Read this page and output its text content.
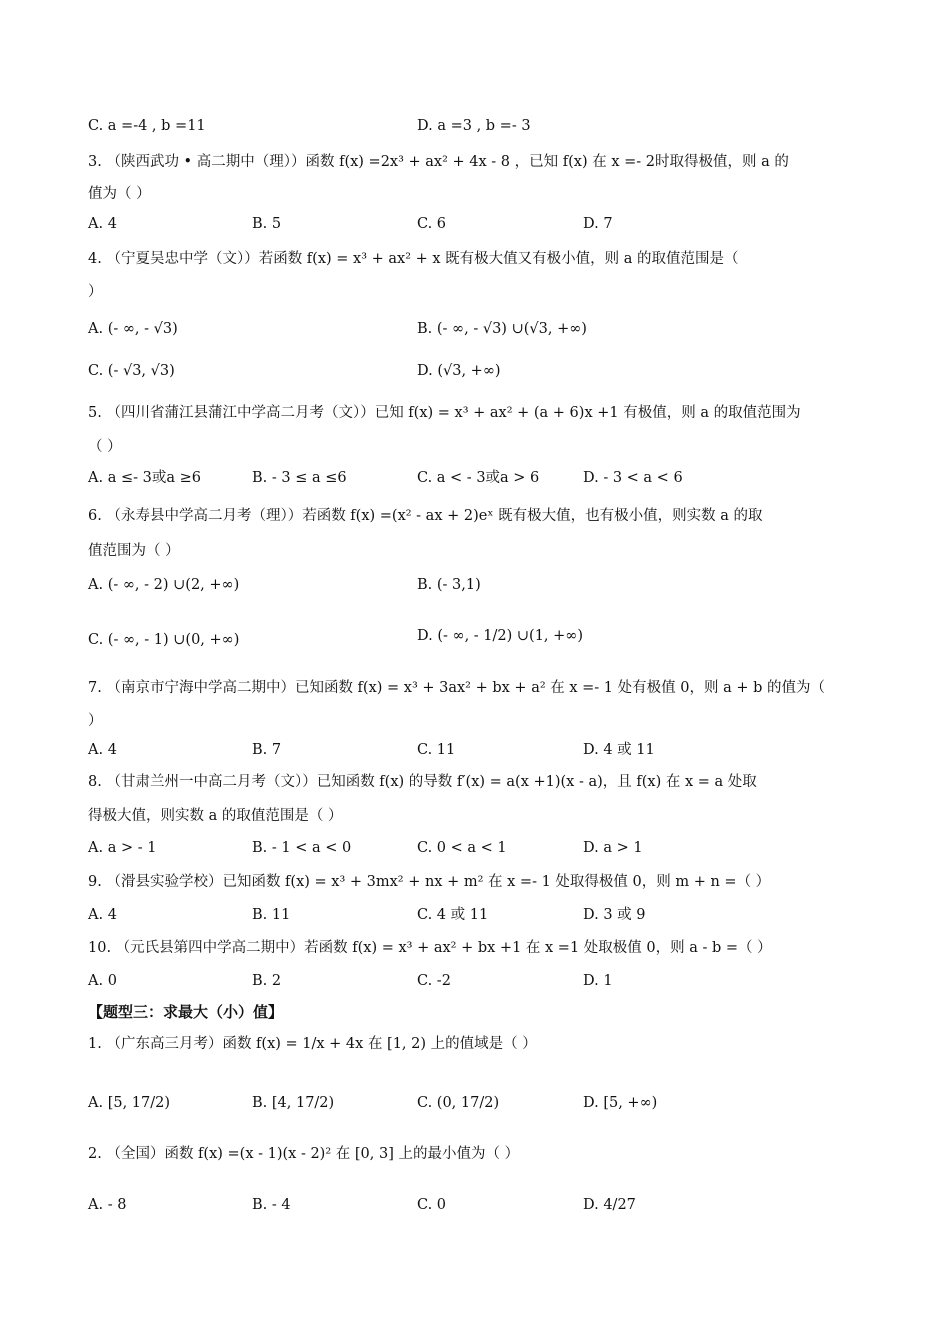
C. a =-4 , b =11	D. a =3 , b =- 3
3. （陕西武功 • 高二期中（理））函数 f(x) =2x³ + ax² + 4x - 8 ，已知 f(x) 在 x =- 2时取得极值，则 a 的
值为（ ）
A. 4	B. 5	C. 6	D. 7
4. （宁夏吴忠中学（文））若函数 f(x) = x³ + ax² + x 既有极大值又有极小值，则 a 的取值范围是（
）
A. (- ∞, - √3)	B. (- ∞, - √3) ∪(√3, +∞)
C. (- √3, √3)	D. (√3, +∞)
5. （四川省蒲江县蒲江中学高二月考（文））已知 f(x) = x³ + ax² + (a + 6)x +1 有极值，则 a 的取值范围为
（ ）
A. a ≤- 3或a ≥6	B. - 3 ≤ a ≤6	C. a < - 3或a > 6	D. - 3 < a < 6
6. （永寿县中学高二月考（理））若函数 f(x) =(x² - ax + 2)eˣ 既有极大值，也有极小值，则实数 a 的取
值范围为（ ）
A. (- ∞, - 2) ∪(2, +∞)	B. (- 3,1)
C. (- ∞, - 1) ∪(0, +∞)	D. (- ∞, - 1/2) ∪(1, +∞)
7. （南京市宁海中学高二期中）已知函数 f(x) = x³ + 3ax² + bx + a² 在 x =- 1 处有极值 0，则 a + b 的值为（
）
A. 4	B. 7	C. 11	D. 4 或 11
8. （甘肃兰州一中高二月考（文））已知函数 f(x) 的导数 f′(x) = a(x +1)(x - a)，且 f(x) 在 x = a 处取
得极大值，则实数 a 的取值范围是（ ）
A. a > - 1	B. - 1 < a < 0	C. 0 < a < 1	D. a > 1
9. （滑县实验学校）已知函数 f(x) = x³ + 3mx² + nx + m² 在 x =- 1 处取得极值 0，则 m + n =（ ）
A. 4	B. 11	C. 4 或 11	D. 3 或 9
10. （元氏县第四中学高二期中）若函数 f(x) = x³ + ax² + bx +1 在 x =1 处取极值 0，则 a - b =（ ）
A. 0	B. 2	C. -2	D. 1
【题型三：求最大（小）值】
1. （广东高三月考）函数 f(x) = 1/x + 4x 在 [1, 2) 上的值域是（ ）
A. [5, 17/2)	B. [4, 17/2)	C. (0, 17/2)	D. [5, +∞)
2. （全国）函数 f(x) =(x - 1)(x - 2)² 在 [0, 3] 上的最小值为（ ）
A. - 8	B. - 4	C. 0	D. 4/27
